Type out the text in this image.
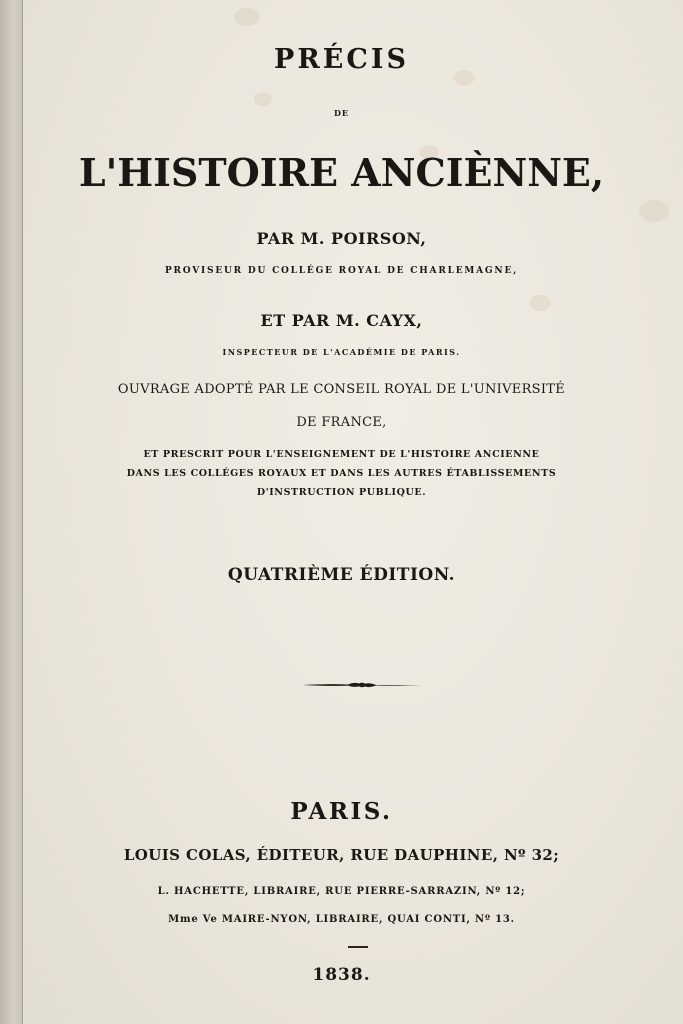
PRÉCIS
DE
L'HISTOIRE ANCIÈNNE,
PAR M. POIRSON,
PROVISEUR DU COLLÉGE ROYAL DE CHARLEMAGNE,
ET PAR M. CAYX,
INSPECTEUR DE L'ACADÉMIE DE PARIS.
OUVRAGE ADOPTÉ PAR LE CONSEIL ROYAL DE L'UNIVERSITÉ
DE FRANCE,
ET PRESCRIT POUR L'ENSEIGNEMENT DE L'HISTOIRE ANCIENNE
DANS LES COLLÉGES ROYAUX ET DANS LES AUTRES ÉTABLISSEMENTS
D'INSTRUCTION PUBLIQUE.
QUATRIÈME ÉDITION.
PARIS.
LOUIS COLAS, ÉDITEUR, RUE DAUPHINE, Nº 32;
L. HACHETTE, LIBRAIRE, RUE PIERRE-SARRAZIN, Nº 12;
Mme Ve MAIRE-NYON, LIBRAIRE, QUAI CONTI, Nº 13.
1838.
